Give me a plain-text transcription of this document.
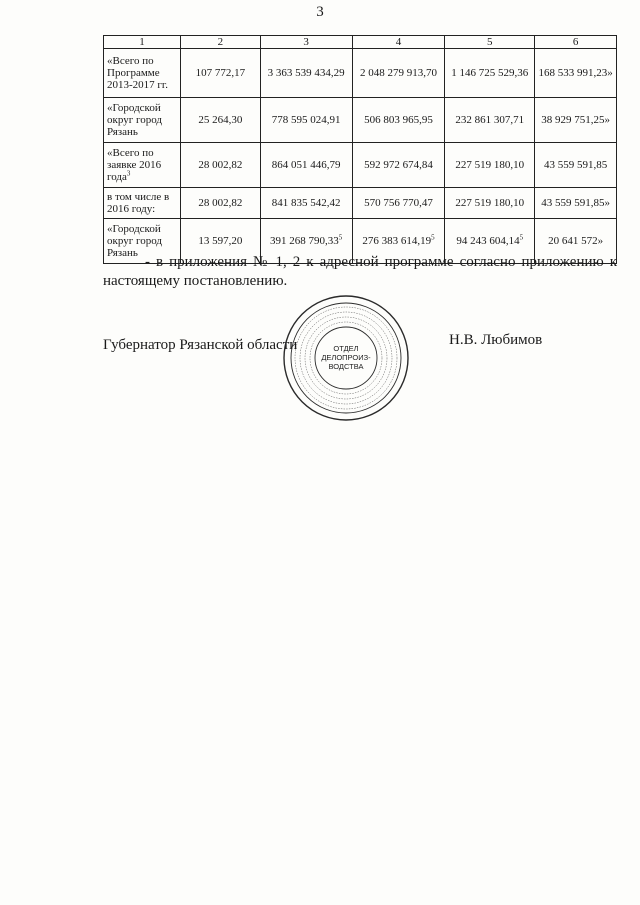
3
1	2	3	4	5	6
«Всего по
Программе
2013-2017 гг.	107 772,17	3 363 539 434,29	2 048 279 913,70	1 146 725 529,36	168 533 991,23»
«Городской
округ город
Рязань	25 264,30	778 595 024,91	506 803 965,95	232 861 307,71	38 929 751,25»
«Всего по
заявке 2016
года$^3$	28 002,82	864 051 446,79	592 972 674,84	227 519 180,10	43 559 591,85
в том числе в
2016 году:	28 002,82	841 835 542,42	570 756 770,47	227 519 180,10	43 559 591,85»
«Городской
округ город
Рязань	13 597,20	391 268 790,33$^5$	276 383 614,19$^5$	94 243 604,14$^5$	20 641 572»
- в приложения № 1, 2 к адресной программе согласно приложению к настоящему постановлению.
Губернатор Рязанской области	Н.В. Любимов
ОТДЕЛ
ДЕЛОПРОИЗ-
ВОДСТВА
